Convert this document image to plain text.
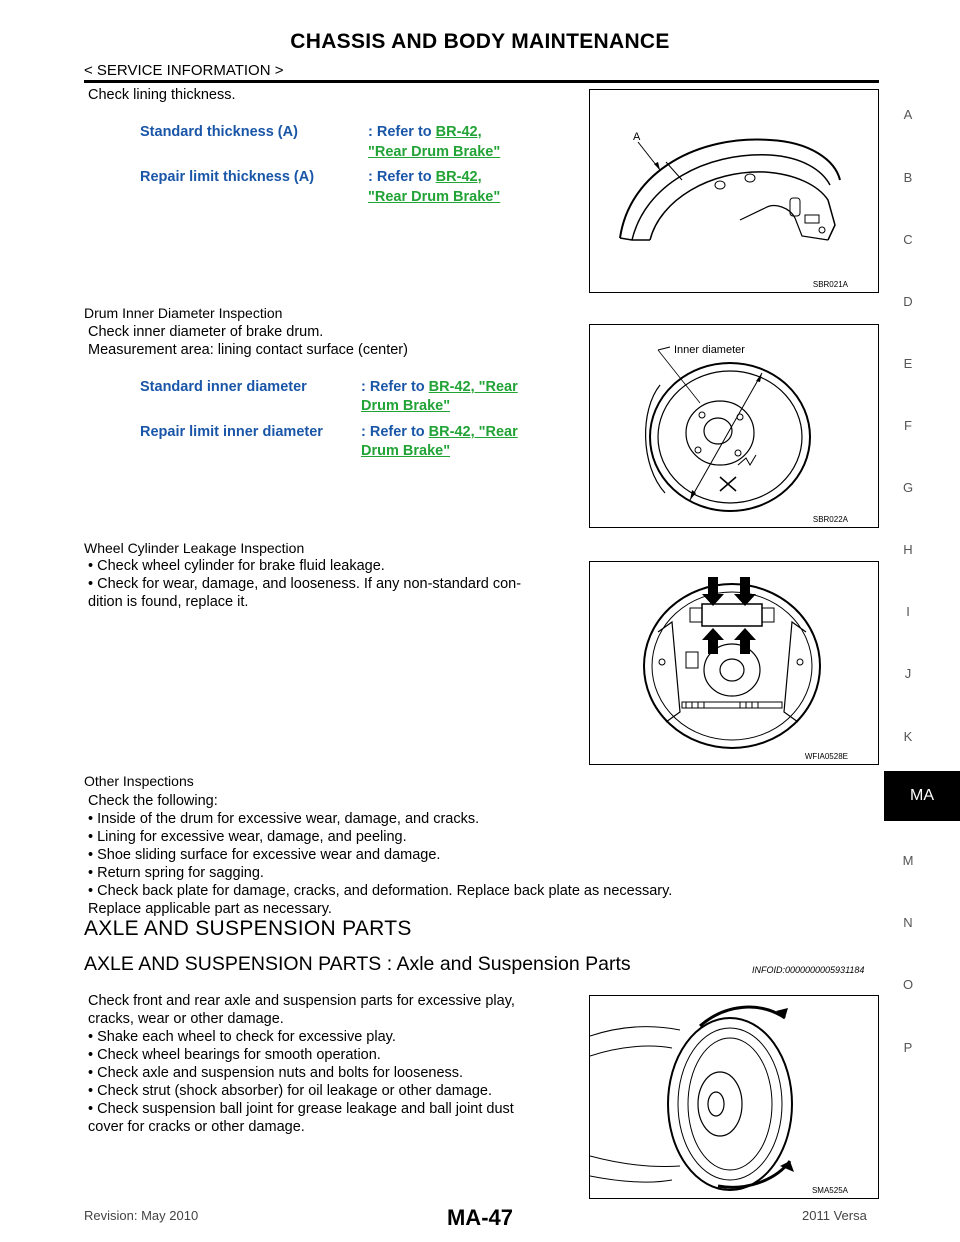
CHASSIS AND BODY MAINTENANCE
< SERVICE INFORMATION >
Check lining thickness.
Standard thickness (A)	: Refer to BR-42,
"Rear Drum Brake"
Repair limit thickness (A)	: Refer to BR-42,
"Rear Drum Brake"
A
SBR021A
Drum Inner Diameter Inspection
Check inner diameter of brake drum.
Measurement area: lining contact surface (center)
Standard inner diameter	: Refer to BR-42, "Rear
Drum Brake"
Repair limit inner diameter	: Refer to BR-42, "Rear
Drum Brake"
Inner diameter
SBR022A
Wheel Cylinder Leakage Inspection
• Check wheel cylinder for brake fluid leakage.
• Check for wear, damage, and looseness. If any non-standard con-
dition is found, replace it.
WFIA0528E
Other Inspections
Check the following:
• Inside of the drum for excessive wear, damage, and cracks.
• Lining for excessive wear, damage, and peeling.
• Shoe sliding surface for excessive wear and damage.
• Return spring for sagging.
• Check back plate for damage, cracks, and deformation. Replace back plate as necessary.
Replace applicable part as necessary.
AXLE AND SUSPENSION PARTS
AXLE AND SUSPENSION PARTS : Axle and Suspension Parts	INFOID:0000000005931184
Check front and rear axle and suspension parts for excessive play,
cracks, wear or other damage.
• Shake each wheel to check for excessive play.
• Check wheel bearings for smooth operation.
• Check axle and suspension nuts and bolts for looseness.
• Check strut (shock absorber) for oil leakage or other damage.
• Check suspension ball joint for grease leakage and ball joint dust
cover for cracks or other damage.
SMA525A
A
B
C
D
E
F
G
H
I
J
K
MA
M
N
O
P
Revision: May 2010	MA-47	2011 Versa
